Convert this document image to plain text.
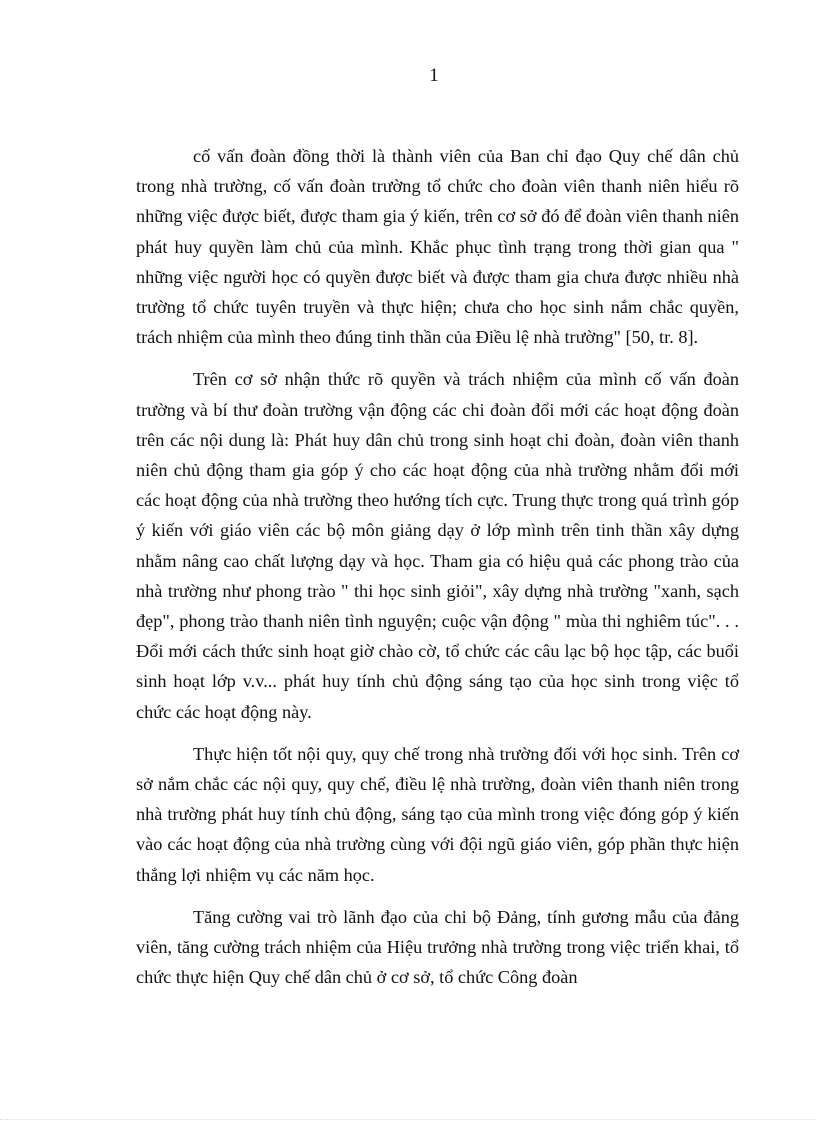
1

cố vấn đoàn đồng thời là thành viên của Ban chỉ đạo Quy chế dân chủ trong nhà trường, cố vấn đoàn trường tổ chức cho đoàn viên thanh niên hiểu rõ những việc được biết, được tham gia ý kiến, trên cơ sở đó để đoàn viên thanh niên phát huy quyền làm chủ của mình. Khắc phục tình trạng trong thời gian qua " những việc người học có quyền được biết và được tham gia chưa được nhiều nhà trường tổ chức tuyên truyền và thực hiện; chưa cho học sinh nắm chắc quyền, trách nhiệm của mình theo đúng tinh thần của Điều lệ nhà trường" [50, tr. 8].

Trên cơ sở nhận thức rõ quyền và trách nhiệm của mình cố vấn đoàn trường và bí thư đoàn trường vận động các chi đoàn đổi mới các hoạt động đoàn trên các nội dung là: Phát huy dân chủ trong sinh hoạt chi đoàn, đoàn viên thanh niên chủ động tham gia góp ý cho các hoạt động của nhà trường nhằm đổi mới các hoạt động của nhà trường theo hướng tích cực. Trung thực trong quá trình góp ý kiến với giáo viên các bộ môn giảng dạy ở lớp mình trên tinh thần xây dựng nhằm nâng cao chất lượng dạy và học. Tham gia có hiệu quả các phong trào của nhà trường như phong trào " thi học sinh giỏi", xây dựng nhà trường "xanh, sạch đẹp", phong trào thanh niên tình nguyện; cuộc vận động " mùa thi nghiêm túc". . . Đổi mới cách thức sinh hoạt giờ chào cờ, tổ chức các câu lạc bộ học tập, các buổi sinh hoạt lớp v.v... phát huy tính chủ động sáng tạo của học sinh trong việc tổ chức các hoạt động này.

Thực hiện tốt nội quy, quy chế trong nhà trường đối với học sinh. Trên cơ sở nắm chắc các nội quy, quy chế, điều lệ nhà trường, đoàn viên thanh niên trong nhà trường phát huy tính chủ động, sáng tạo của mình trong việc đóng góp ý kiến vào các hoạt động của nhà trường cùng với đội ngũ giáo viên, góp phần thực hiện thắng lợi nhiệm vụ các năm học.

Tăng cường vai trò lãnh đạo của chi bộ Đảng, tính gương mẫu của đảng viên, tăng cường trách nhiệm của Hiệu trưởng nhà trường trong việc triển khai, tổ chức thực hiện Quy chế dân chủ ở cơ sở, tổ chức Công đoàn
